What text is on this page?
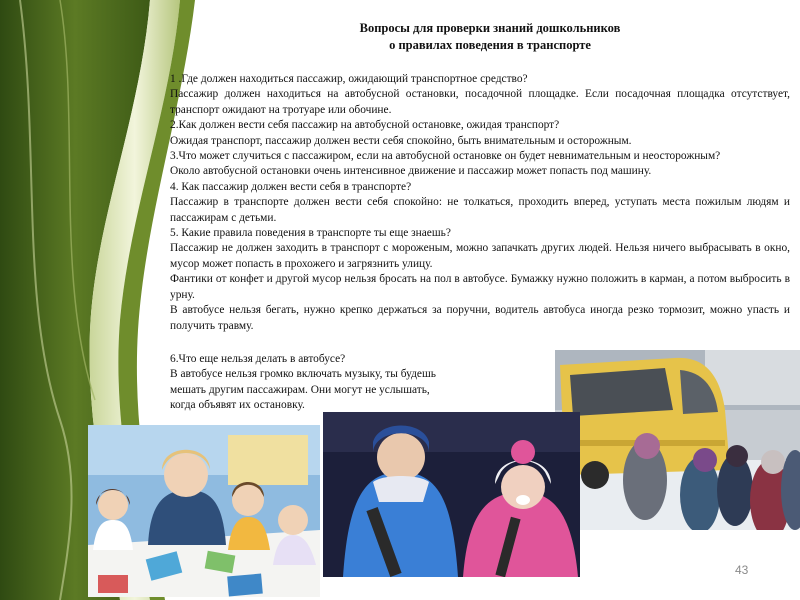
Вопросы для проверки знаний дошкольников
о правилах поведения в транспорте

1 .Где должен находиться пассажир, ожидающий транспортное средство?

Пассажир должен находиться на автобусной остановки, посадочной площадке. Если посадочная площадка отсутствует, транспорт ожидают на тротуаре или обочине.

2.Как должен вести себя пассажир на автобусной остановке, ожидая транспорт?

Ожидая транспорт, пассажир должен вести себя спокойно, быть внимательным и осторожным.

3.Что может случиться с пассажиром, если на автобусной остановке он будет невнимательным и неосторожным?

Около автобусной остановки очень интенсивное движение и пассажир может попасть под машину.

4. Как пассажир должен вести себя в транспорте?

Пассажир в транспорте должен вести себя спокойно: не толкаться, проходить вперед, уступать места пожилым людям и пассажирам с детьми.

5. Какие правила поведения в транспорте ты еще знаешь?

Пассажир не должен заходить в транспорт с мороженым, можно запачкать других людей. Нельзя ничего выбрасывать в окно, мусор может попасть в прохожего и загрязнить улицу.

Фантики от конфет и другой мусор нельзя бросать на пол в автобусе. Бумажку нужно положить в карман, а потом выбросить в урну.

В автобусе нельзя бегать, нужно крепко держаться за поручни, водитель автобуса иногда резко тормозит, можно упасть и получить травму.

6.Что еще нельзя делать в автобусе?

В автобусе нельзя громко включать музыку, ты будешь

мешать другим пассажирам. Они могут не услышать,

когда объявят их остановку.

43
